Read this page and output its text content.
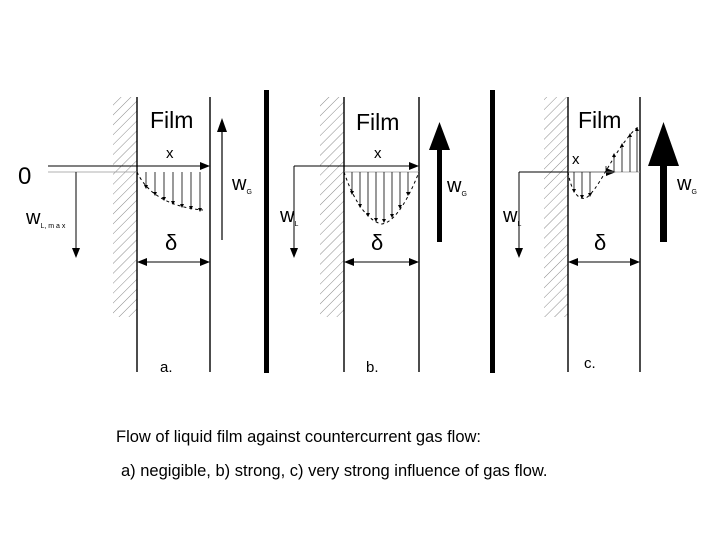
Film
x
0
$w_{L, m a x}$
$w_G$
δ
a.
Film
x
$w_L$
$w_G$
δ
b.
Film
x
$w_L$
$w_G$
δ
c.
Flow of liquid film against countercurrent gas flow:
a) negigible, b) strong, c) very strong influence of gas flow.
